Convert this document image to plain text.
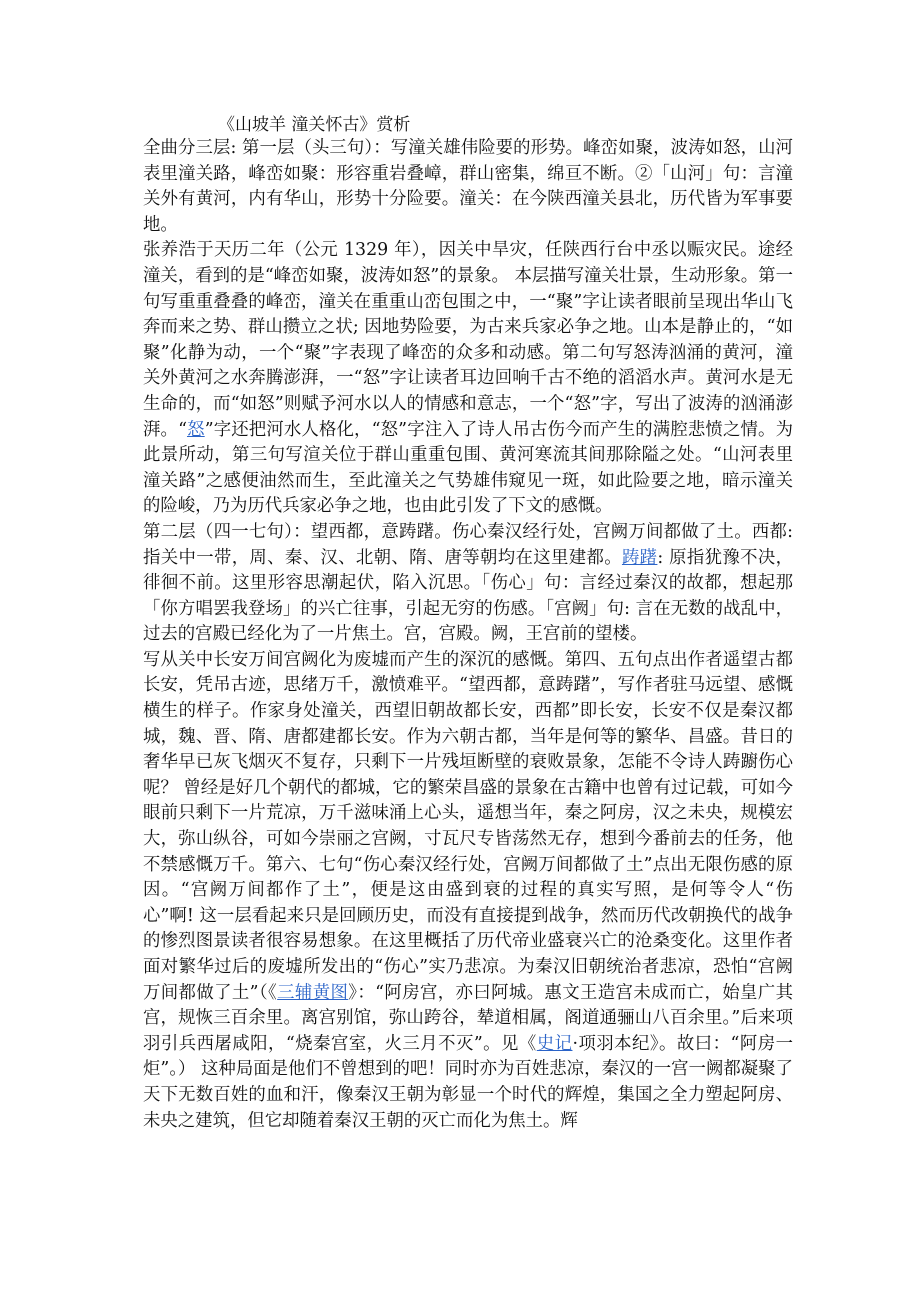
《山坡羊 潼关怀古》赏析

全曲分三层: 第一层（头三句）：写潼关雄伟险要的形势。峰峦如聚，波涛如怒，山河表里潼关路，峰峦如聚：形容重岩叠嶂，群山密集，绵亘不断。②「山河」句：言潼关外有黄河，内有华山，形势十分险要。潼关：在今陕西潼关县北，历代皆为军事要地。

张养浩于天历二年（公元 1329 年），因关中旱灾，任陕西行台中丞以赈灾民。途经潼关，看到的是“峰峦如聚，波涛如怒”的景象。 本层描写潼关壮景，生动形象。第一句写重重叠叠的峰峦，潼关在重重山峦包围之中，一“聚”字让读者眼前呈现出华山飞奔而来之势、群山攒立之状; 因地势险要，为古来兵家必争之地。山本是静止的，“如聚”化静为动，一个“聚”字表现了峰峦的众多和动感。第二句写怒涛汹涌的黄河，潼关外黄河之水奔腾澎湃，一“怒”字让读者耳边回响千古不绝的滔滔水声。黄河水是无生命的，而“如怒”则赋予河水以人的情感和意志，一个“怒”字，写出了波涛的汹涌澎湃。“怒”字还把河水人格化，“怒”字注入了诗人吊古伤今而产生的满腔悲愤之情。为此景所动，第三句写渲关位于群山重重包围、黄河寒流其间那除隘之处。“山河表里潼关路”之感便油然而生，至此潼关之气势雄伟窥见一斑，如此险要之地，暗示潼关的险峻，乃为历代兵家必争之地，也由此引发了下文的感慨。

第二层（四一七句）：望西都，意踌躇。伤心秦汉经行处，宫阙万间都做了土。西都: 指关中一带，周、秦、汉、北朝、隋、唐等朝均在这里建都。踌躇: 原指犹豫不决，徘徊不前。这里形容思潮起伏，陷入沉思。「伤心」句：言经过秦汉的故都，想起那「你方唱罢我登场」的兴亡往事，引起无穷的伤感。「宫阙」句: 言在无数的战乱中，过去的宫殿已经化为了一片焦土。宫，宫殿。阙，王宫前的望楼。

写从关中长安万间宫阙化为废墟而产生的深沉的感慨。第四、五句点出作者遥望古都长安，凭吊古迹，思绪万千，激愤难平。“望西都，意踌躇”，写作者驻马远望、感慨横生的样子。作家身处潼关，西望旧朝故都长安，西都”即长安，长安不仅是秦汉都城，魏、晋、隋、唐都建都长安。作为六朝古都，当年是何等的繁华、昌盛。昔日的奢华早已灰飞烟灭不复存，只剩下一片残垣断壁的衰败景象，怎能不令诗人踌躕伤心呢？ 曾经是好几个朝代的都城，它的繁荣昌盛的景象在古籍中也曾有过记载，可如今眼前只剩下一片荒凉，万千滋味涌上心头，遥想当年，秦之阿房，汉之未央，规模宏大，弥山纵谷，可如今崇丽之宫阙，寸瓦尺专皆荡然无存，想到今番前去的任务，他不禁感慨万千。第六、七句“伤心秦汉经行处，宫阙万间都做了土”点出无限伤感的原因。“宫阙万间都作了土”，便是这由盛到衰的过程的真实写照，是何等令人“伤心”啊! 这一层看起来只是回顾历史，而没有直接提到战争，然而历代改朝换代的战争的惨烈图景读者很容易想象。在这里概括了历代帝业盛衰兴亡的沧桑变化。这里作者面对繁华过后的废墟所发出的“伤心”实乃悲凉。为秦汉旧朝统治者悲凉，恐怕“宫阙万间都做了土”（《三辅黄图》：“阿房宫，亦曰阿城。惠文王造宫未成而亡，始皇广其宫，规恢三百余里。离宫别馆，弥山跨谷，辇道相属，阁道通骊山八百余里。”后来项羽引兵西屠咸阳，“烧秦宫室，火三月不灭”。见《史记·项羽本纪》。故曰：“阿房一炬”。） 这种局面是他们不曾想到的吧！同时亦为百姓悲凉，秦汉的一宫一阙都凝聚了天下无数百姓的血和汗，像秦汉王朝为彰显一个时代的辉煌，集国之全力塑起阿房、未央之建筑，但它却随着秦汉王朝的灭亡而化为焦土。辉
